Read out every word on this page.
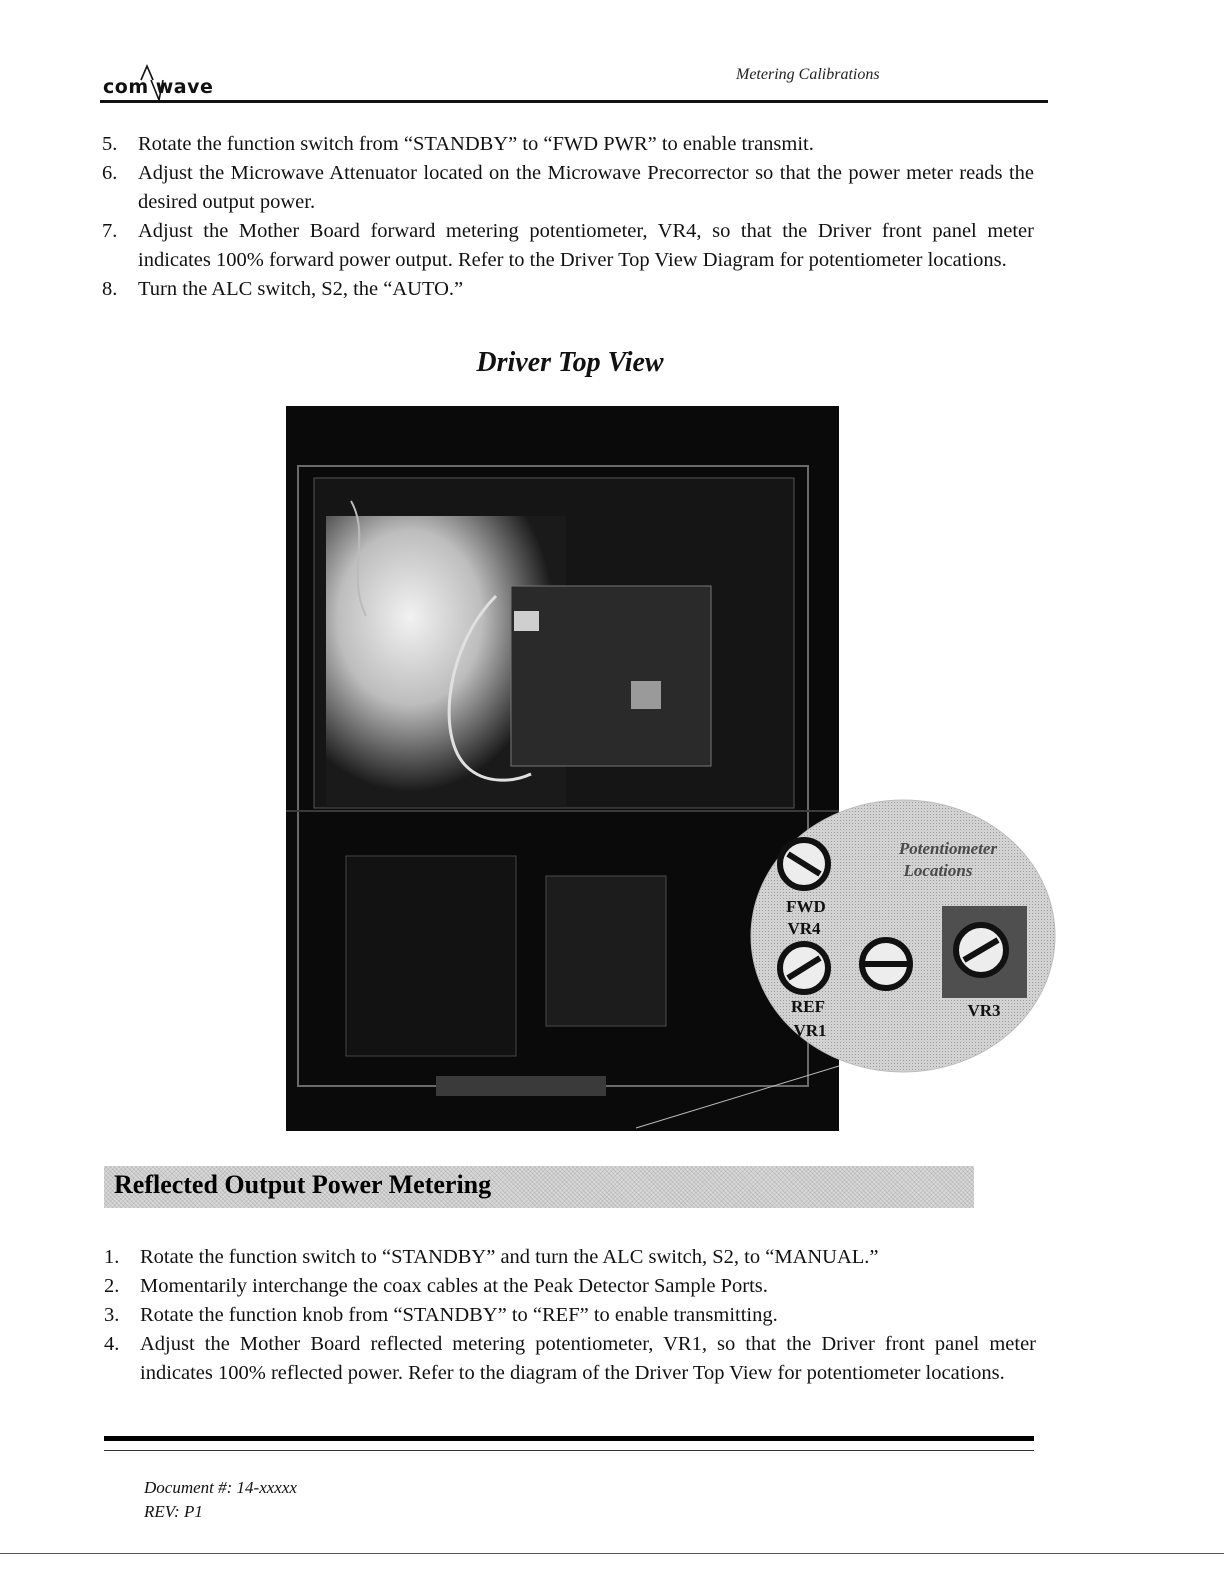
com wave
Metering Calibrations
5. Rotate the function switch from “STANDBY” to “FWD PWR” to enable transmit.
6. Adjust the Microwave Attenuator located on the Microwave Precorrector so that the power meter reads the desired output power.
7. Adjust the Mother Board forward metering potentiometer, VR4, so that the Driver front panel meter indicates 100% forward power output. Refer to the Driver Top View Diagram for potentiometer locations.
8. Turn the ALC switch, S2, the “AUTO.”
Driver Top View
Potentiometer
Locations
FWD
VR4
REF
VR1
VR3
Reflected Output Power Metering
1. Rotate the function switch to “STANDBY” and turn the ALC switch, S2, to “MANUAL.”
2. Momentarily interchange the coax cables at the Peak Detector Sample Ports.
3. Rotate the function knob from “STANDBY” to “REF” to enable transmitting.
4. Adjust the Mother Board reflected metering potentiometer, VR1, so that the Driver front panel meter indicates 100% reflected power. Refer to the diagram of the Driver Top View for potentiometer locations.
Document #: 14-xxxxx
REV: P1
